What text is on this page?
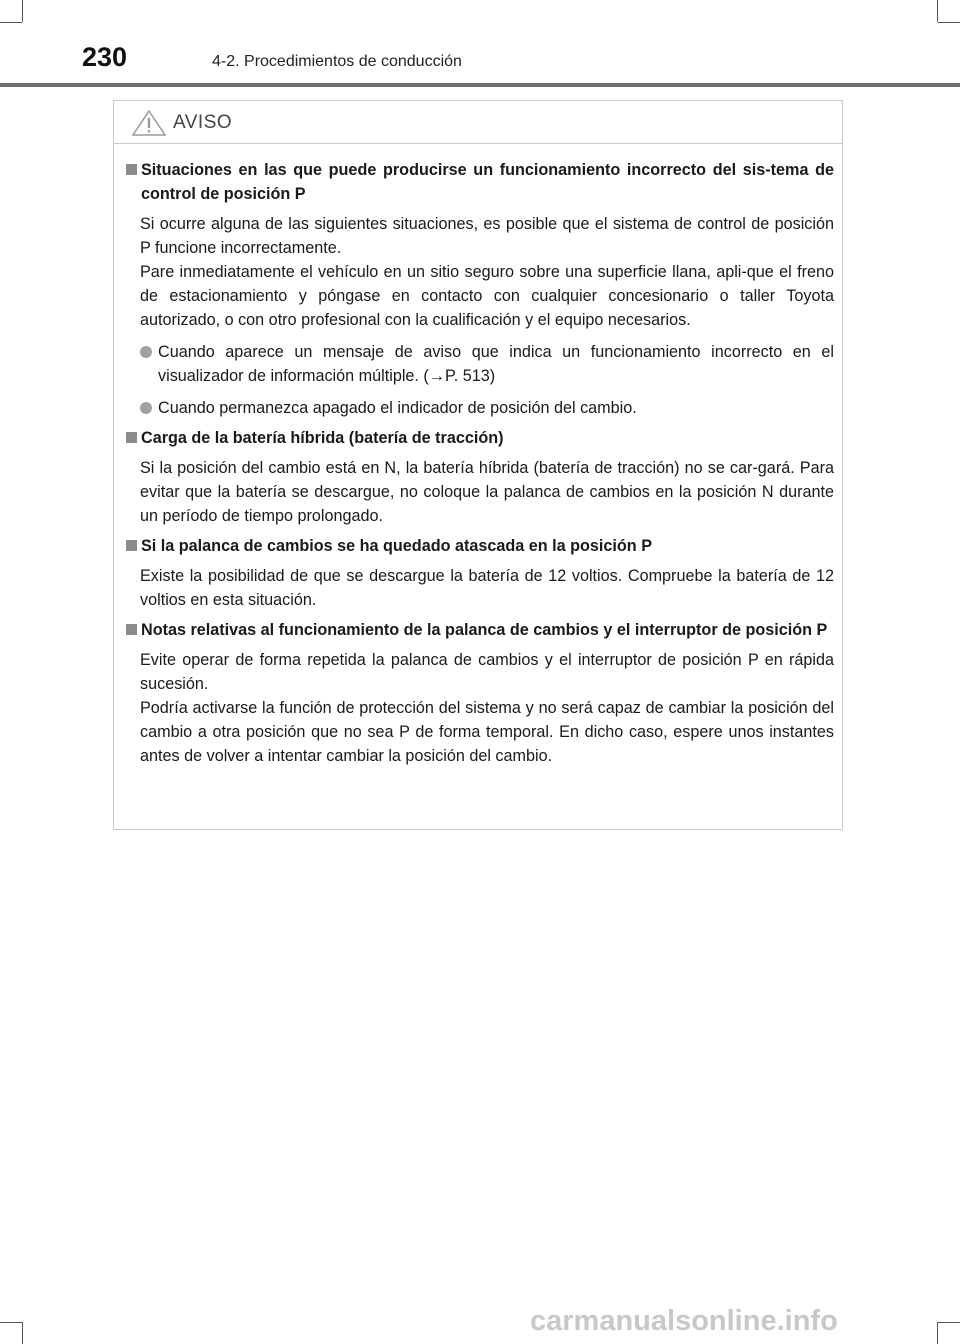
230	4-2. Procedimientos de conducción
AVISO
Situaciones en las que puede producirse un funcionamiento incorrecto del sis-tema de control de posición P
Si ocurre alguna de las siguientes situaciones, es posible que el sistema de control de posición P funcione incorrectamente.
Pare inmediatamente el vehículo en un sitio seguro sobre una superficie llana, apli-que el freno de estacionamiento y póngase en contacto con cualquier concesionario o taller Toyota autorizado, o con otro profesional con la cualificación y el equipo necesarios.
Cuando aparece un mensaje de aviso que indica un funcionamiento incorrecto en el visualizador de información múltiple. (→P. 513)
Cuando permanezca apagado el indicador de posición del cambio.
Carga de la batería híbrida (batería de tracción)
Si la posición del cambio está en N, la batería híbrida (batería de tracción) no se car-gará. Para evitar que la batería se descargue, no coloque la palanca de cambios en la posición N durante un período de tiempo prolongado.
Si la palanca de cambios se ha quedado atascada en la posición P
Existe la posibilidad de que se descargue la batería de 12 voltios. Compruebe la batería de 12 voltios en esta situación.
Notas relativas al funcionamiento de la palanca de cambios y el interruptor de posición P
Evite operar de forma repetida la palanca de cambios y el interruptor de posición P en rápida sucesión.
Podría activarse la función de protección del sistema y no será capaz de cambiar la posición del cambio a otra posición que no sea P de forma temporal. En dicho caso, espere unos instantes antes de volver a intentar cambiar la posición del cambio.
carmanualsonline.info
